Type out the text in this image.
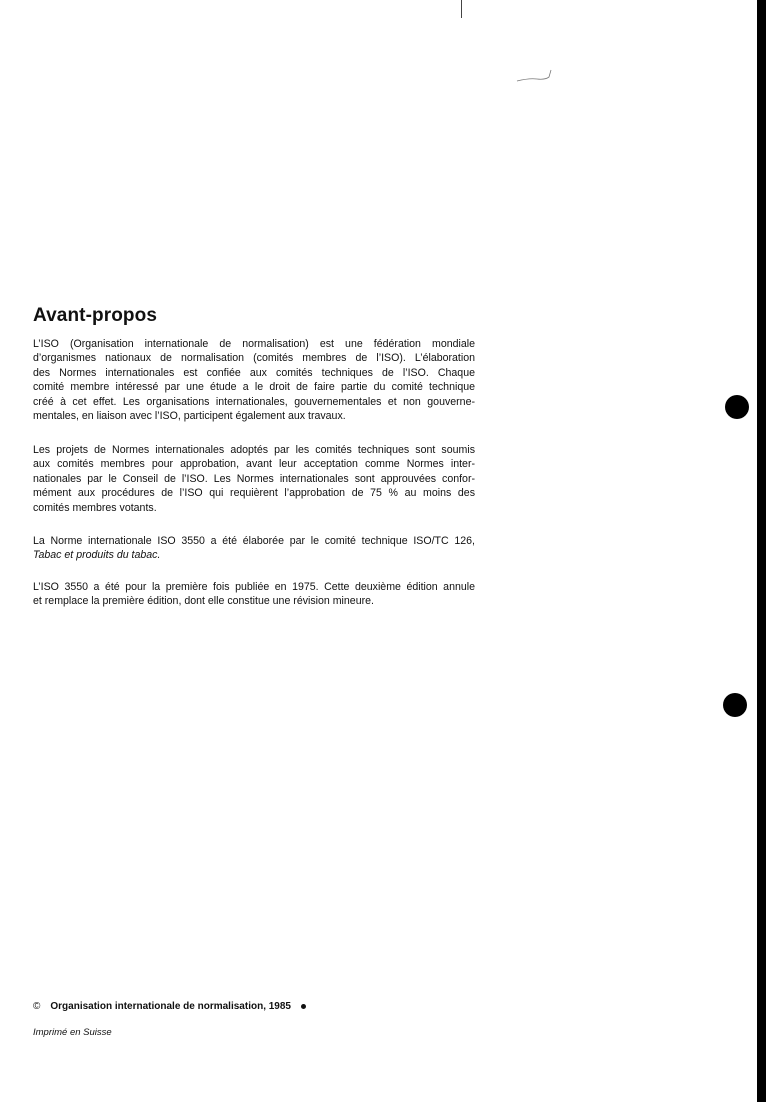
Avant-propos
L’ISO (Organisation internationale de normalisation) est une fédération mondiale
d’organismes nationaux de normalisation (comités membres de l’ISO). L’élaboration
des Normes internationales est confiée aux comités techniques de l’ISO. Chaque
comité membre intéressé par une étude a le droit de faire partie du comité technique
créé à cet effet. Les organisations internationales, gouvernementales et non gouverne-
mentales, en liaison avec l’ISO, participent également aux travaux.
Les projets de Normes internationales adoptés par les comités techniques sont soumis
aux comités membres pour approbation, avant leur acceptation comme Normes inter-
nationales par le Conseil de l’ISO. Les Normes internationales sont approuvées confor-
mément aux procédures de l’ISO qui requièrent l’approbation de 75 % au moins des
comités membres votants.
La Norme internationale ISO 3550 a été élaborée par le comité technique ISO/TC 126,
Tabac et produits du tabac.
L’ISO 3550 a été pour la première fois publiée en 1975. Cette deuxième édition annule
et remplace la première édition, dont elle constitue une révision mineure.
© Organisation internationale de normalisation, 1985
Imprimé en Suisse
